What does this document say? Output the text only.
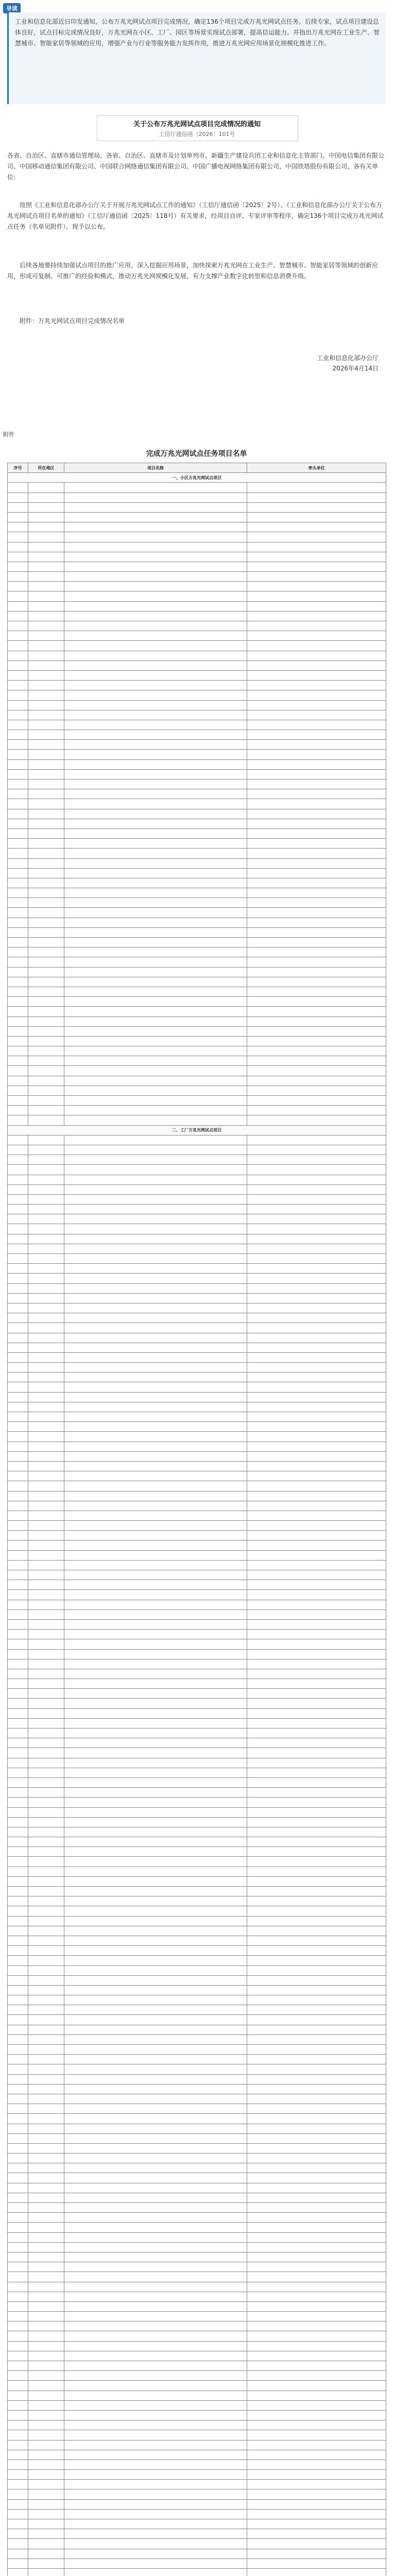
导读
工业和信息化部近日印发通知，公布万兆光网试点项目完成情况，确定136个项目完成万兆光网试点任务。后续专家，试点项目建设总体良好，试点目标完成情况良好，万兆光网在小区、工厂、园区等场景实现试点部署，提高信运能力。并指出万兆光网在工业生产、智慧城市、智能家居等领域的应用，增强产业与行业等服务能力发挥作用，推进万兆光网应用场景化规模化推进工作。
关于公布万兆光网试点项目完成情况的通知
工信厅通信函〔2026〕101号
各省、自治区、直辖市通信管理局，各省、自治区、直辖市及计划单列市、新疆生产建设兵团工业和信息化主管部门，中国电信集团有限公司、中国移动通信集团有限公司、中国联合网络通信集团有限公司、中国广播电视网络集团有限公司，中国铁塔股份有限公司，各有关单位：
按照《工业和信息化部办公厅关于开展万兆光网试点工作的通知》（工信厅通信函〔2025〕2号）、《工业和信息化部办公厅关于公布万兆光网试点项目名单的通知》（工信厅通信函〔2025〕118号）有关要求，经项目自评、专家评审等程序，确定136个项目完成万兆光网试点任务（名单见附件）。现予以公布。
后续各地要持续加强试点项目的推广应用，深入挖掘应用场景，加快探索万兆光网在工业生产、智慧城市、智能家居等领域的创新应用，形成可复制、可推广的经验和模式，推动万兆光网规模化发展，有力支撑产业数字化转型和信息消费升级。
附件：万兆光网试点项目完成情况名单
工业和信息化部办公厅
2026年4月14日
附件
完成万兆光网试点任务项目名单
序号	所在地区	项目名称	牵头单位
一、小区万兆光网试点项目			

二、工厂万兆光网试点项目			
